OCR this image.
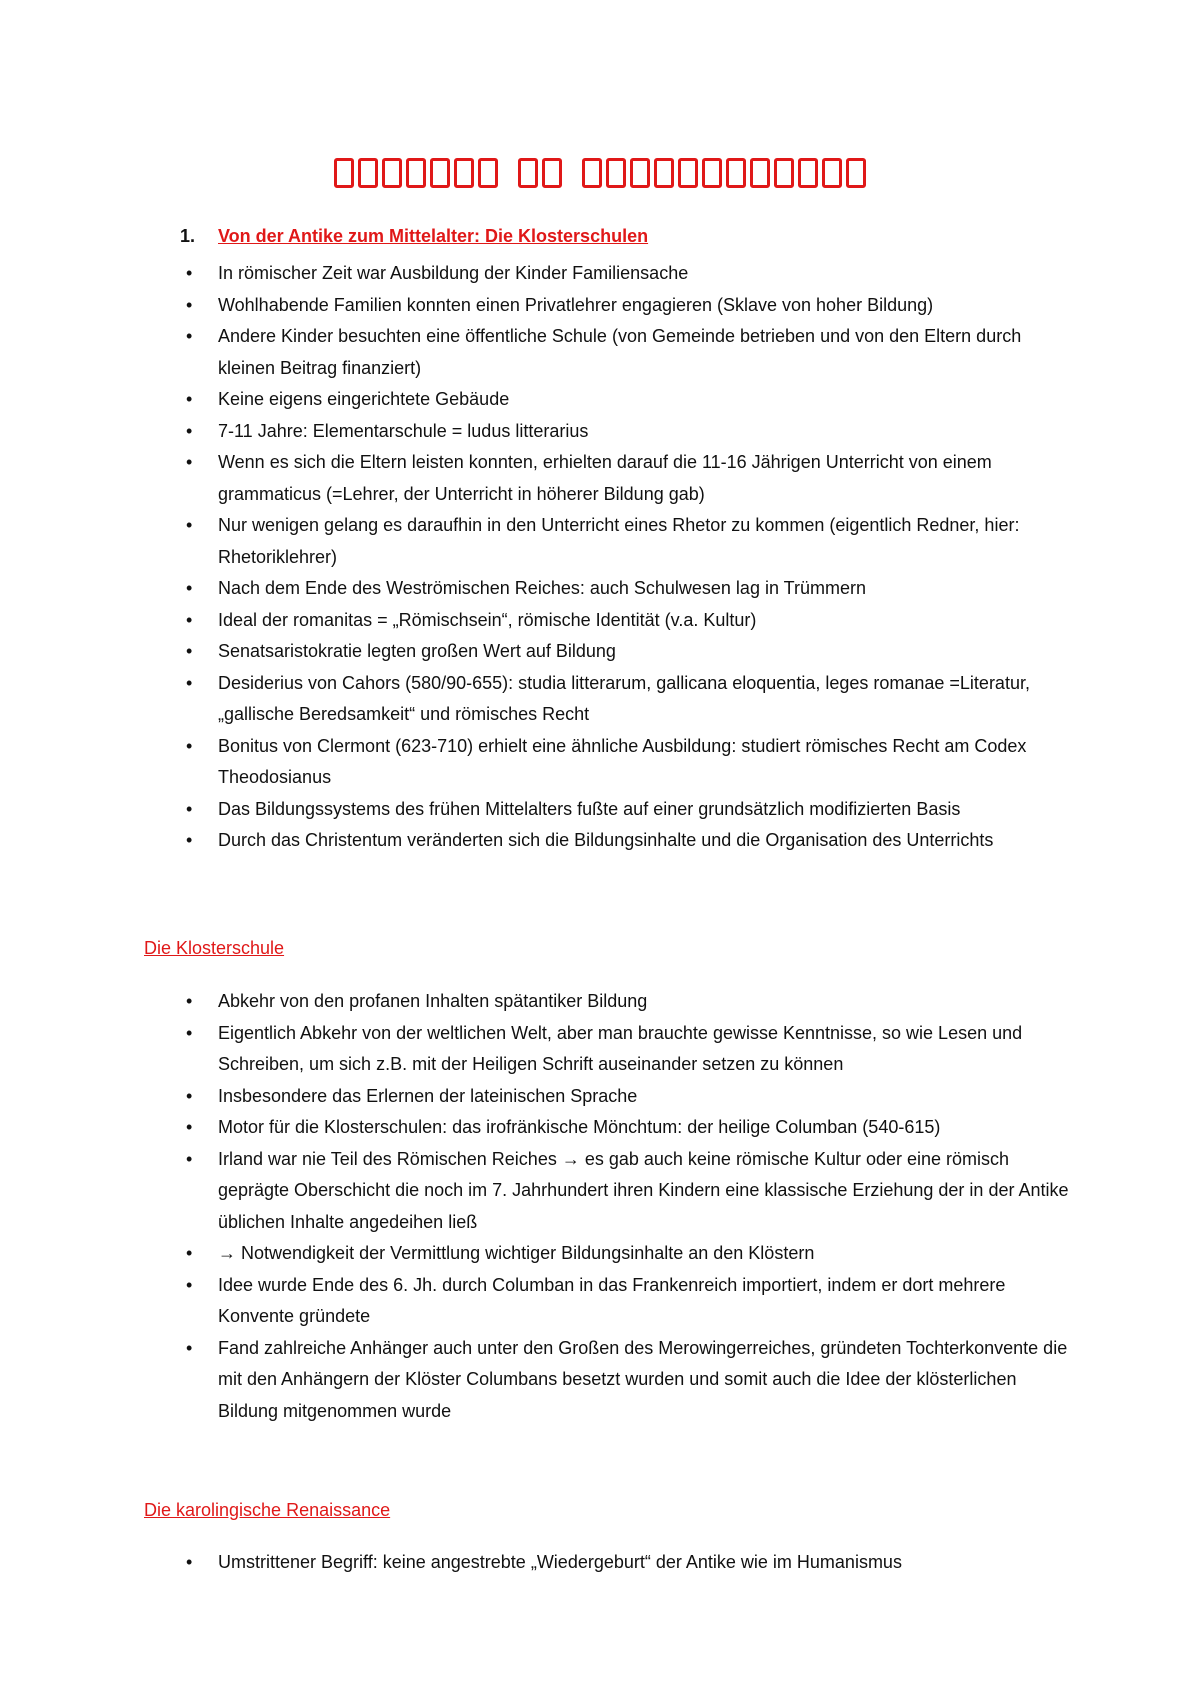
1.	Von der Antike zum Mittelalter: Die Klosterschulen
• In römischer Zeit war Ausbildung der Kinder Familiensache
• Wohlhabende Familien konnten einen Privatlehrer engagieren (Sklave von hoher Bildung)
• Andere Kinder besuchten eine öffentliche Schule (von Gemeinde betrieben und von den Eltern durch kleinen Beitrag finanziert)
• Keine eigens eingerichtete Gebäude
• 7-11 Jahre: Elementarschule = ludus litterarius
• Wenn es sich die Eltern leisten konnten, erhielten darauf die 11-16 Jährigen Unterricht von einem grammaticus (=Lehrer, der Unterricht in höherer Bildung gab)
• Nur wenigen gelang es daraufhin in den Unterricht eines Rhetor zu kommen (eigentlich Redner, hier: Rhetoriklehrer)
• Nach dem Ende des Weströmischen Reiches: auch Schulwesen lag in Trümmern
• Ideal der romanitas = „Römischsein“, römische Identität (v.a. Kultur)
• Senatsaristokratie legten großen Wert auf Bildung
• Desiderius von Cahors (580/90-655): studia litterarum, gallicana eloquentia, leges romanae =Literatur, „gallische Beredsamkeit“ und römisches Recht
• Bonitus von Clermont (623-710) erhielt eine ähnliche Ausbildung: studiert römisches Recht am Codex Theodosianus
• Das Bildungssystems des frühen Mittelalters fußte auf einer grundsätzlich modifizierten Basis
• Durch das Christentum veränderten sich die Bildungsinhalte und die Organisation des Unterrichts
Die Klosterschule
• Abkehr von den profanen Inhalten spätantiker Bildung
• Eigentlich Abkehr von der weltlichen Welt, aber man brauchte gewisse Kenntnisse, so wie Lesen und Schreiben, um sich z.B. mit der Heiligen Schrift auseinander setzen zu können
• Insbesondere das Erlernen der lateinischen Sprache
• Motor für die Klosterschulen: das irofränkische Mönchtum: der heilige Columban (540-615)
• Irland war nie Teil des Römischen Reiches → es gab auch keine römische Kultur oder eine römisch geprägte Oberschicht die noch im 7. Jahrhundert ihren Kindern eine klassische Erziehung der in der Antike üblichen Inhalte angedeihen ließ
• → Notwendigkeit der Vermittlung wichtiger Bildungsinhalte an den Klöstern
• Idee wurde Ende des 6. Jh. durch Columban in das Frankenreich importiert, indem er dort mehrere Konvente gründete
• Fand zahlreiche Anhänger auch unter den Großen des Merowingerreiches, gründeten Tochterkonvente die mit den Anhängern der Klöster Columbans besetzt wurden und somit auch die Idee der klösterlichen Bildung mitgenommen wurde
Die karolingische Renaissance
• Umstrittener Begriff: keine angestrebte „Wiedergeburt“ der Antike wie im Humanismus
